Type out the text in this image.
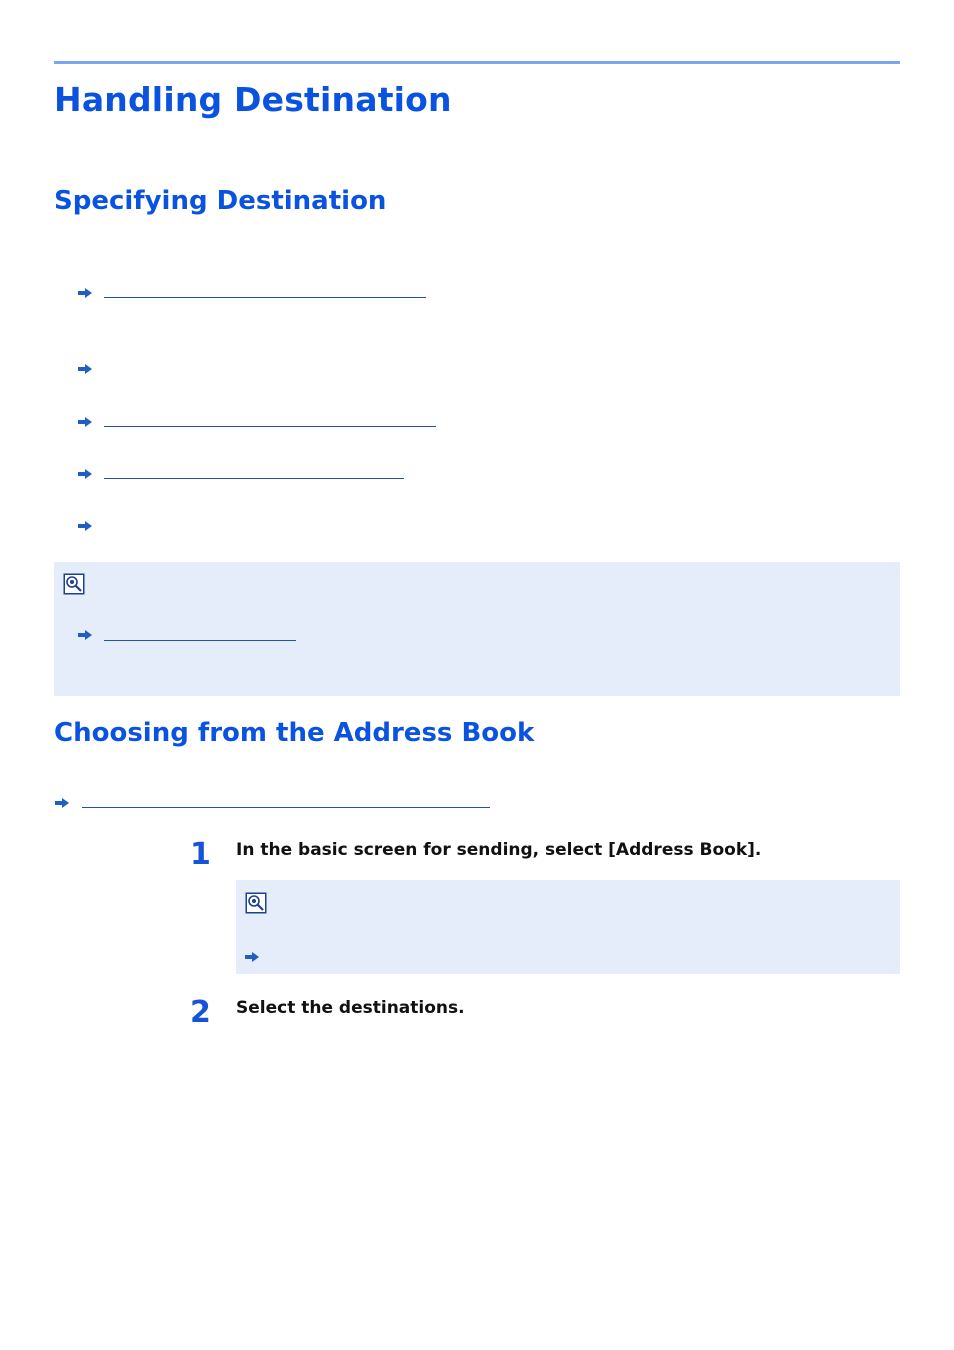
Handling Destination
Specifying Destination
Choosing from the Address Book
1 In the basic screen for sending, select [Address Book].
2 Select the destinations.
